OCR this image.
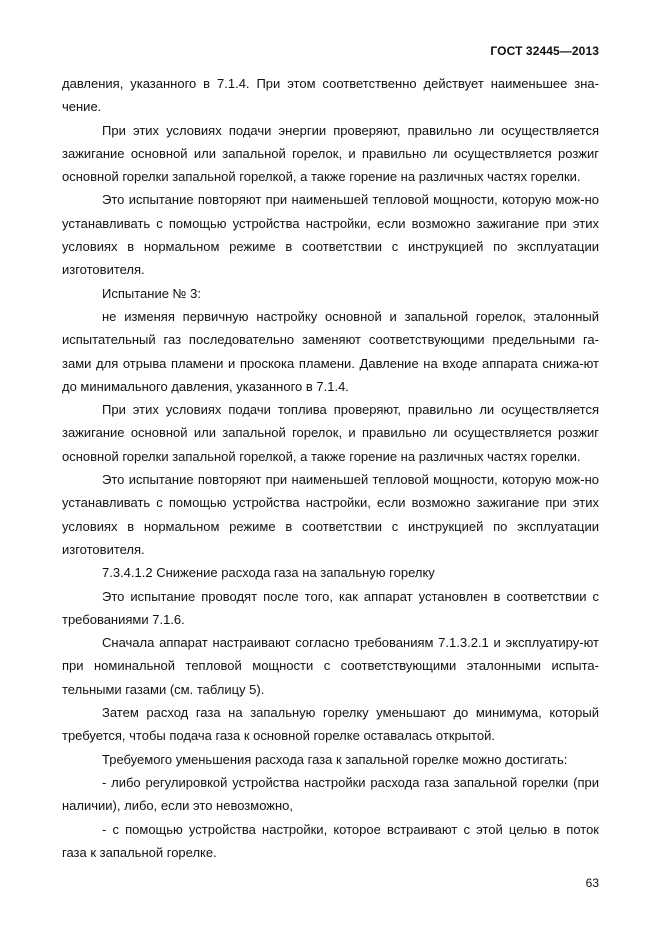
ГОСТ 32445—2013

давления, указанного в 7.1.4. При этом соответственно действует наименьшее зна-чение.

При этих условиях подачи энергии проверяют, правильно ли осуществляется зажигание основной или запальной горелок, и правильно ли осуществляется розжиг основной горелки запальной горелкой, а также горение на различных частях горелки.

Это испытание повторяют при наименьшей тепловой мощности, которую мож-но устанавливать с помощью устройства настройки, если возможно зажигание при этих условиях в нормальном режиме в соответствии с инструкцией по эксплуатации изготовителя.

Испытание № 3:

не изменяя первичную настройку основной и запальной горелок, эталонный испытательный газ последовательно заменяют соответствующими предельными га-зами для отрыва пламени и проскока пламени. Давление на входе аппарата снижа-ют до минимального давления, указанного в 7.1.4.

При этих условиях подачи топлива проверяют, правильно ли осуществляется зажигание основной или запальной горелок, и правильно ли осуществляется розжиг основной горелки запальной горелкой, а также горение на различных частях горелки.

Это испытание повторяют при наименьшей тепловой мощности, которую мож-но устанавливать с помощью устройства настройки, если возможно зажигание при этих условиях в нормальном режиме в соответствии с инструкцией по эксплуатации изготовителя.

7.3.4.1.2 Снижение расхода газа на запальную горелку

Это испытание проводят после того, как аппарат установлен в соответствии с требованиями 7.1.6.

Сначала аппарат настраивают согласно требованиям 7.1.3.2.1 и эксплуатиру-ют при номинальной тепловой мощности с соответствующими эталонными испыта-тельными газами (см. таблицу 5).

Затем расход газа на запальную горелку уменьшают до минимума, который требуется, чтобы подача газа к основной горелке оставалась открытой.

Требуемого уменьшения расхода газа к запальной горелке можно достигать:

- либо регулировкой устройства настройки расхода газа запальной горелки (при наличии), либо, если это невозможно,

- с помощью устройства настройки, которое встраивают с этой целью в поток газа к запальной горелке.

63
